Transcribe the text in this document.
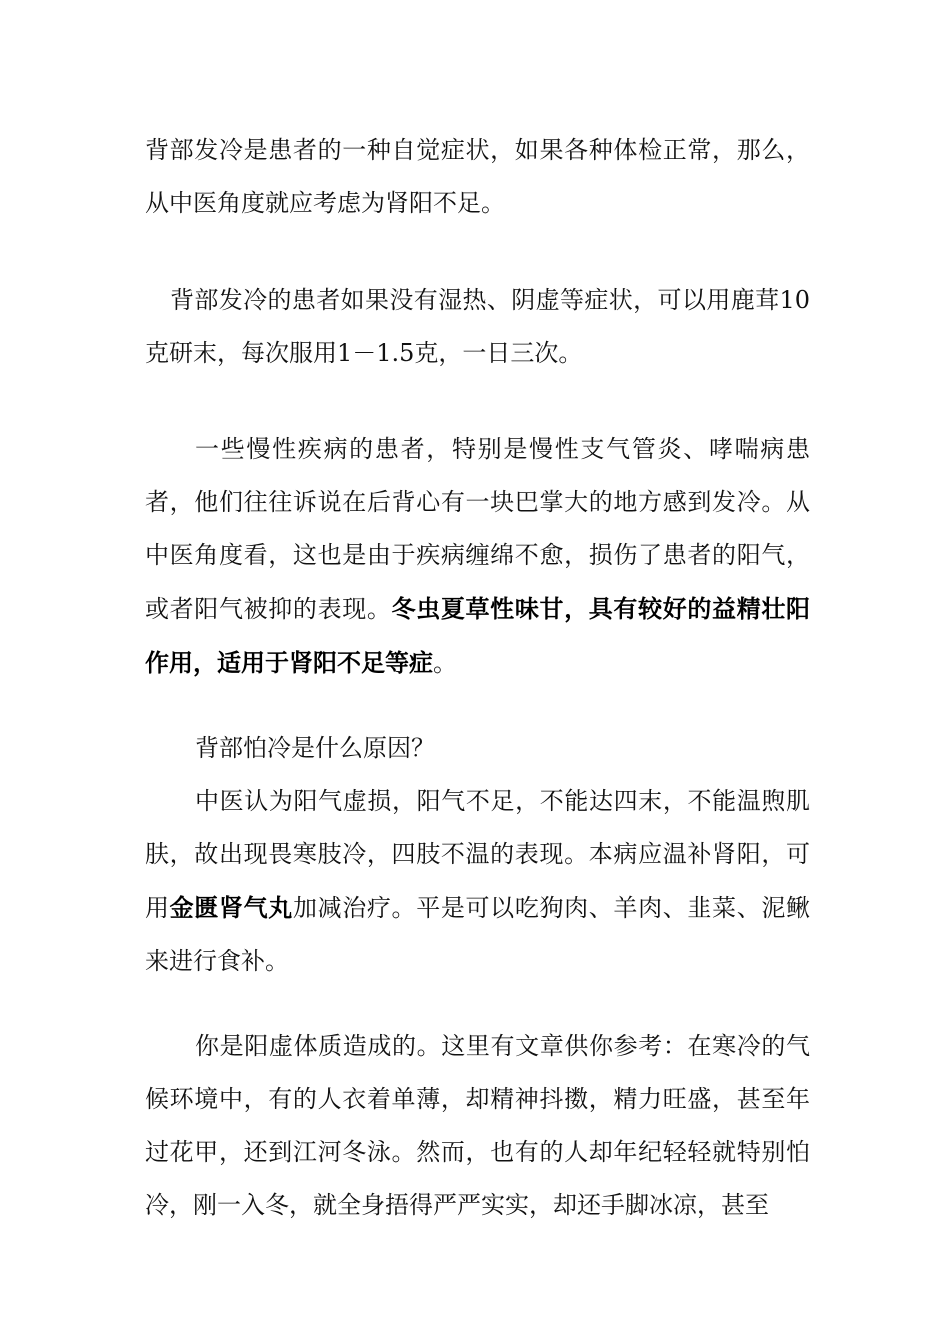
背部发冷是患者的一种自觉症状，如果各种体检正常，那么，从中医角度就应考虑为肾阳不足。

背部发冷的患者如果没有湿热、阴虚等症状，可以用鹿茸10克研末，每次服用1－1.5克，一日三次。

一些慢性疾病的患者，特别是慢性支气管炎、哮喘病患者，他们往往诉说在后背心有一块巴掌大的地方感到发冷。从中医角度看，这也是由于疾病缠绵不愈，损伤了患者的阳气，或者阳气被抑的表现。冬虫夏草性味甘，具有较好的益精壮阳作用，适用于肾阳不足等症。

背部怕冷是什么原因？

中医认为阳气虚损，阳气不足，不能达四末，不能温煦肌肤，故出现畏寒肢冷，四肢不温的表现。本病应温补肾阳，可用金匮肾气丸加减治疗。平是可以吃狗肉、羊肉、韭菜、泥鳅来进行食补。

你是阳虚体质造成的。这里有文章供你参考：在寒冷的气候环境中，有的人衣着单薄，却精神抖擞，精力旺盛，甚至年过花甲，还到江河冬泳。然而，也有的人却年纪轻轻就特别怕冷，刚一入冬，就全身捂得严严实实，却还手脚冰凉，甚至
